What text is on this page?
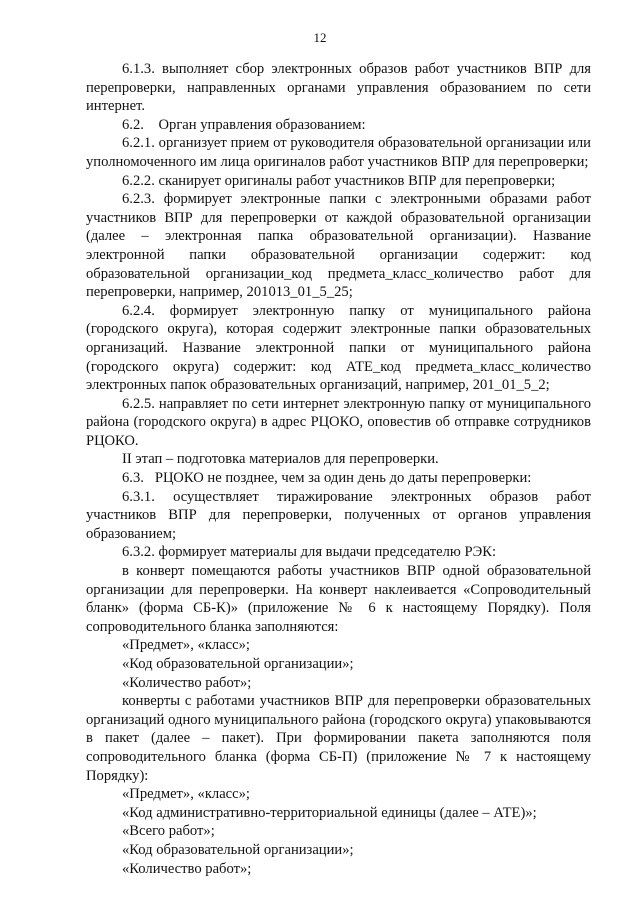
12

6.1.3. выполняет сбор электронных образов работ участников ВПР для перепроверки, направленных органами управления образованием по сети интернет.

6.2.    Орган управления образованием:

6.2.1. организует прием от руководителя образовательной организации или уполномоченного им лица оригиналов работ участников ВПР для перепроверки;

6.2.2. сканирует оригиналы работ участников ВПР для перепроверки;

6.2.3. формирует электронные папки с электронными образами работ участников ВПР для перепроверки от каждой образовательной организации (далее – электронная папка образовательной организации). Название электронной папки образовательной организации содержит: код образовательной организации_код предмета_класс_количество работ для перепроверки, например, 201013_01_5_25;

6.2.4. формирует электронную папку от муниципального района (городского округа), которая содержит электронные папки образовательных организаций. Название электронной папки от муниципального района (городского округа) содержит: код АТЕ_код предмета_класс_количество электронных папок образовательных организаций, например, 201_01_5_2;

6.2.5. направляет по сети интернет электронную папку от муниципального района (городского округа) в адрес РЦОКО, оповестив об отправке сотрудников РЦОКО.

II этап – подготовка материалов для перепроверки.

6.3.   РЦОКО не позднее, чем за один день до даты перепроверки:

6.3.1. осуществляет тиражирование электронных образов работ участников ВПР для перепроверки, полученных от органов управления образованием;

6.3.2. формирует материалы для выдачи председателю РЭК:

в конверт помещаются работы участников ВПР одной образовательной организации для перепроверки. На конверт наклеивается «Сопроводительный бланк» (форма СБ-К)» (приложение № 6 к настоящему Порядку). Поля сопроводительного бланка заполняются:

«Предмет», «класс»;

«Код образовательной организации»;

«Количество работ»;

конверты с работами участников ВПР для перепроверки образовательных организаций одного муниципального района (городского округа) упаковываются в пакет (далее – пакет). При формировании пакета заполняются поля сопроводительного бланка (форма СБ-П) (приложение № 7 к настоящему Порядку):

«Предмет», «класс»;

«Код административно-территориальной единицы (далее – АТЕ)»;

«Всего работ»;

«Код образовательной организации»;

«Количество работ»;
